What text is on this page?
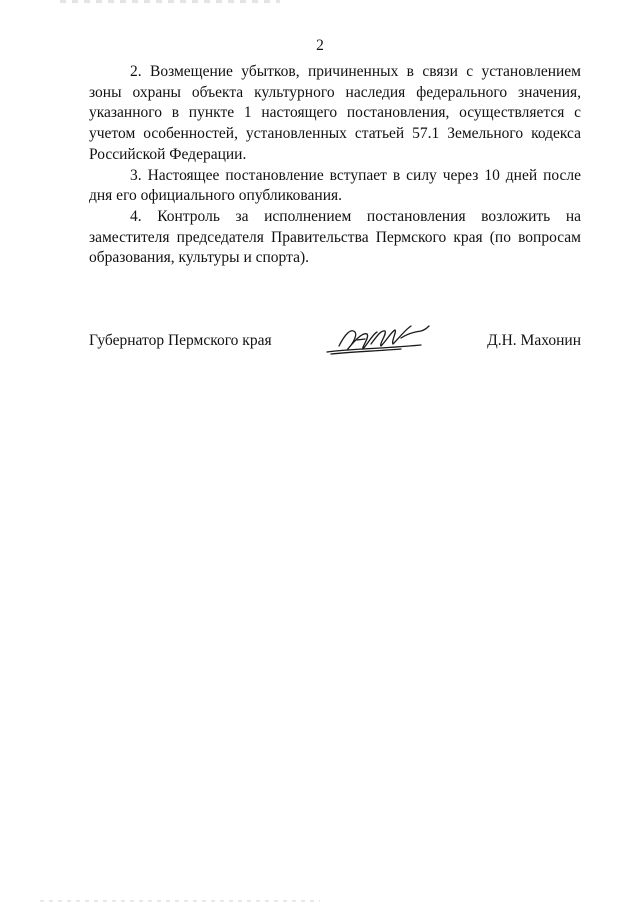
2

2. Возмещение убытков, причиненных в связи с установлением зоны охраны объекта культурного наследия федерального значения, указанного в пункте 1 настоящего постановления, осуществляется с учетом особенностей, установленных статьей 57.1 Земельного кодекса Российской Федерации.

3. Настоящее постановление вступает в силу через 10 дней после дня его официального опубликования.

4. Контроль за исполнением постановления возложить на заместителя председателя Правительства Пермского края (по вопросам образования, культуры и спорта).

Губернатор Пермского края	Д.Н. Махонин
